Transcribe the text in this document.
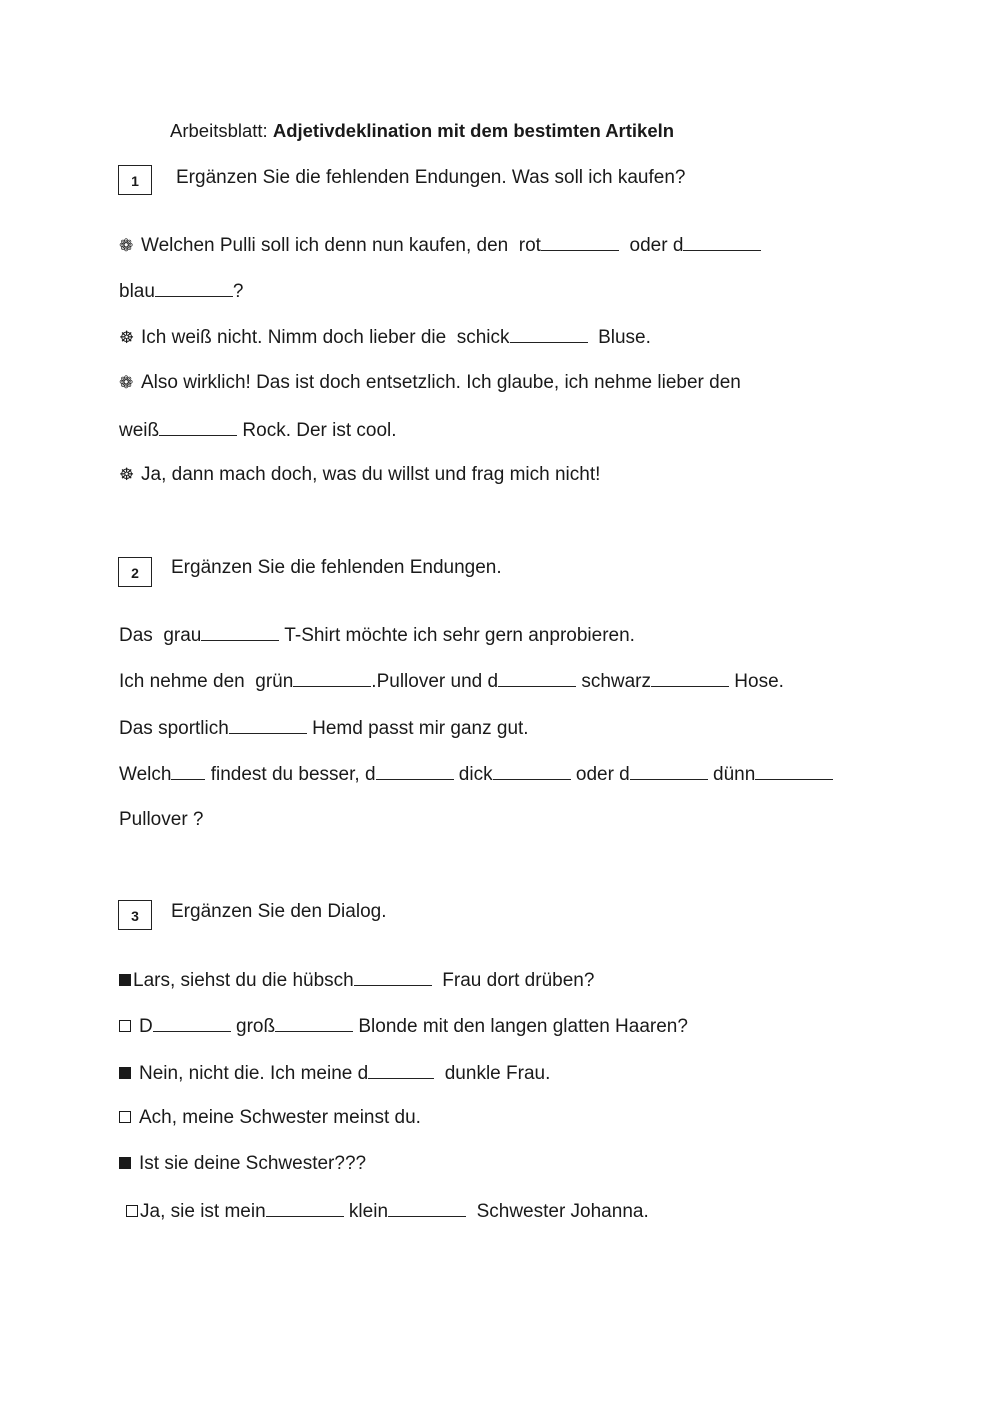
Arbeitsblatt: Adjetivdeklination mit dem bestimten Artikeln
1 Ergänzen Sie die fehlenden Endungen. Was soll ich kaufen?
❁ Welchen Pulli soll ich denn nun kaufen, den  rot	oder d
blau	?
☸ Ich weiß nicht. Nimm doch lieber die  schick	Bluse.
❁ Also wirklich! Das ist doch entsetzlich. Ich glaube, ich nehme lieber den
weiß	Rock. Der ist cool.
☸ Ja, dann mach doch, was du willst und frag mich nicht!
2 Ergänzen Sie die fehlenden Endungen.
Das  grau	T-Shirt möchte ich sehr gern anprobieren.
Ich nehme den  grün	.Pullover und d	schwarz	Hose.
Das sportlich	Hemd passt mir ganz gut.
Welch findest du besser, d	dick	oder d	dünn
Pullover ?
3 Ergänzen Sie den Dialog.
Lars, siehst du die hübsch	Frau dort drüben?
D	groß	Blonde mit den langen glatten Haaren?
Nein, nicht die. Ich meine d	dunkle Frau.
Ach, meine Schwester meinst du.
Ist sie deine Schwester???
Ja, sie ist mein	klein	Schwester Johanna.
